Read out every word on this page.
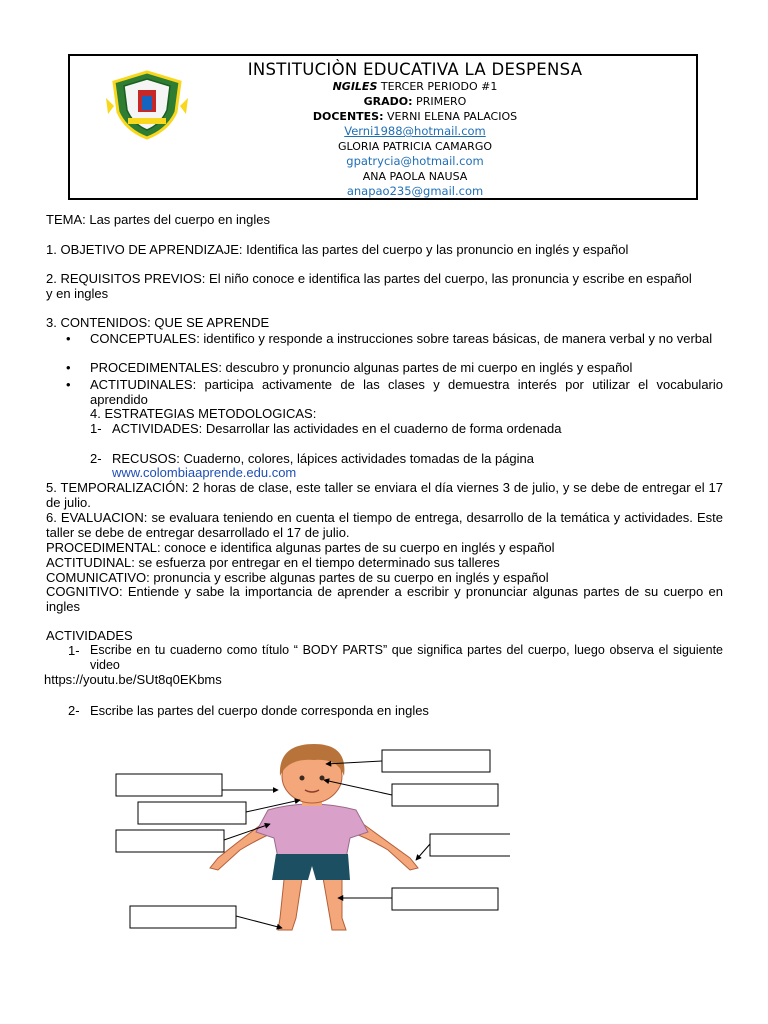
INSTITUCIÒN EDUCATIVA LA DESPENSA
NGILES TERCER PERIODO #1
GRADO: PRIMERO
DOCENTES: VERNI ELENA PALACIOS
Verni1988@hotmail.com
GLORIA PATRICIA CAMARGO
gpatrycia@hotmail.com
ANA PAOLA NAUSA
anapao235@gmail.com
TEMA: Las partes del cuerpo en ingles
1. OBJETIVO DE APRENDIZAJE: Identifica las partes del cuerpo y las pronuncio en inglés y español
2. REQUISITOS PREVIOS: El niño conoce e identifica las partes del cuerpo, las pronuncia y escribe en español
y en ingles
3. CONTENIDOS: QUE SE APRENDE
• CONCEPTUALES: identifico y responde a instrucciones sobre tareas básicas, de manera verbal y no verbal
• PROCEDIMENTALES: descubro y pronuncio algunas partes de mi cuerpo en inglés y español
• ACTITUDINALES: participa activamente de las clases y demuestra interés por utilizar el vocabulario aprendido
4. ESTRATEGIAS METODOLOGICAS:
1- ACTIVIDADES: Desarrollar las actividades en el cuaderno de forma ordenada
2- RECUSOS: Cuaderno, colores, lápices actividades tomadas de la página
www.colombiaaprende.edu.com
5. TEMPORALIZACIÓN: 2 horas de clase, este taller se enviara el día viernes 3 de julio, y se debe de entregar el 17 de julio.
6. EVALUACION: se evaluara teniendo en cuenta el tiempo de entrega, desarrollo de la temática y actividades. Este taller se debe de entregar desarrollado el 17 de julio.
PROCEDIMENTAL: conoce e identifica algunas partes de su cuerpo en inglés y español
ACTITUDINAL: se esfuerza por entregar en el tiempo determinado sus talleres
COMUNICATIVO: pronuncia y escribe algunas partes de su cuerpo en inglés y español
COGNITIVO: Entiende y sabe la importancia de aprender a escribir y pronunciar algunas partes de su cuerpo en ingles
ACTIVIDADES
1- Escribe en tu cuaderno como título “ BODY PARTS” que significa partes del cuerpo, luego observa el siguiente video
https://youtu.be/SUt8q0EKbms
2- Escribe las partes del cuerpo donde corresponda en ingles
